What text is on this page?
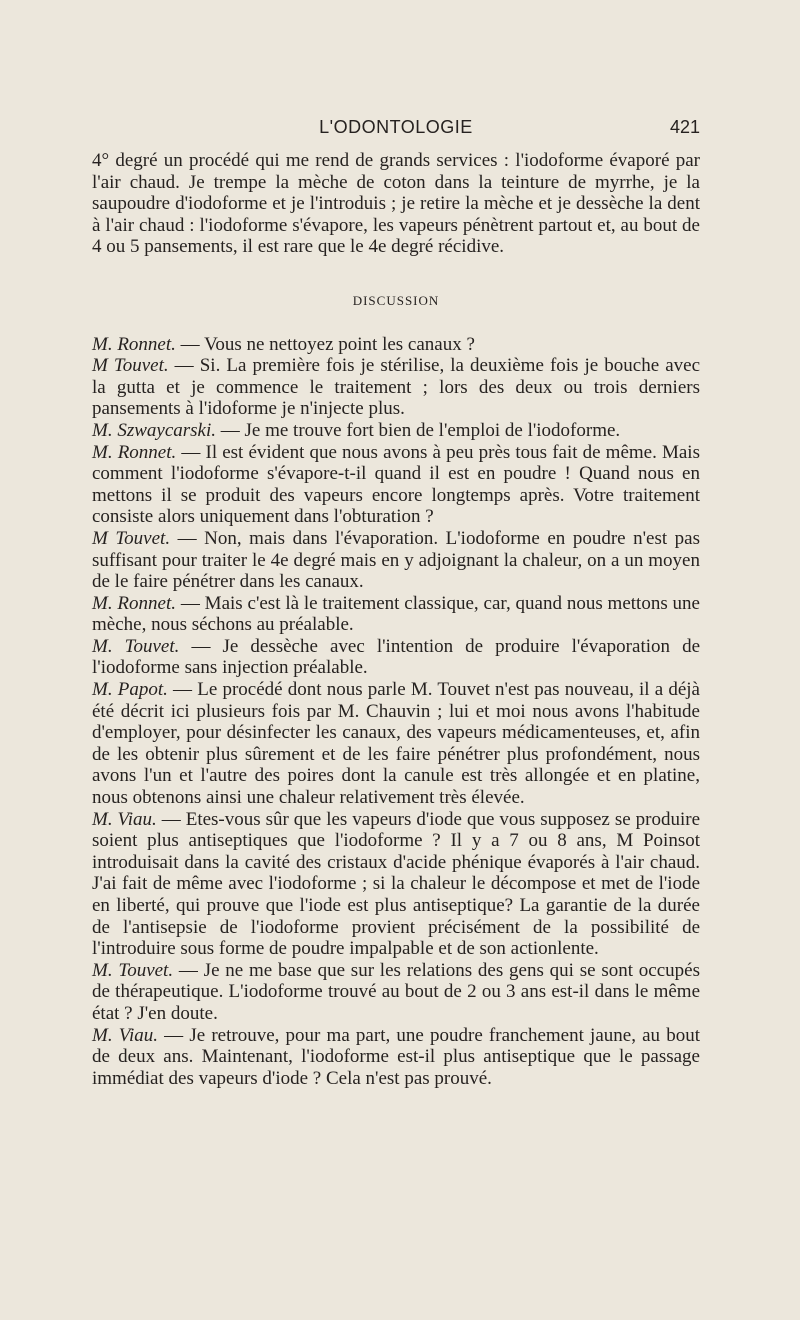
L'ODONTOLOGIE	421

4° degré un procédé qui me rend de grands services : l'iodoforme évaporé par l'air chaud. Je trempe la mèche de coton dans la teinture de myrrhe, je la saupoudre d'iodoforme et je l'introduis ; je retire la mèche et je dessèche la dent à l'air chaud : l'iodoforme s'évapore, les vapeurs pénètrent partout et, au bout de 4 ou 5 pansements, il est rare que le 4e degré récidive.

DISCUSSION

M. Ronnet. — Vous ne nettoyez point les canaux ?

M Touvet. — Si. La première fois je stérilise, la deuxième fois je bouche avec la gutta et je commence le traitement ; lors des deux ou trois derniers pansements à l'idoforme je n'injecte plus.

M. Szwaycarski. — Je me trouve fort bien de l'emploi de l'iodoforme.

M. Ronnet. — Il est évident que nous avons à peu près tous fait de même. Mais comment l'iodoforme s'évapore-t-il quand il est en poudre ! Quand nous en mettons il se produit des vapeurs encore longtemps après. Votre traitement consiste alors uniquement dans l'obturation ?

M Touvet. — Non, mais dans l'évaporation. L'iodoforme en poudre n'est pas suffisant pour traiter le 4e degré mais en y adjoignant la chaleur, on a un moyen de le faire pénétrer dans les canaux.

M. Ronnet. — Mais c'est là le traitement classique, car, quand nous mettons une mèche, nous séchons au préalable.

M. Touvet. — Je dessèche avec l'intention de produire l'évaporation de l'iodoforme sans injection préalable.

M. Papot. — Le procédé dont nous parle M. Touvet n'est pas nouveau, il a déjà été décrit ici plusieurs fois par M. Chauvin ; lui et moi nous avons l'habitude d'employer, pour désinfecter les canaux, des vapeurs médicamenteuses, et, afin de les obtenir plus sûrement et de les faire pénétrer plus profondément, nous avons l'un et l'autre des poires dont la canule est très allongée et en platine, nous obtenons ainsi une chaleur relativement très élevée.

M. Viau. — Etes-vous sûr que les vapeurs d'iode que vous supposez se produire soient plus antiseptiques que l'iodoforme ? Il y a 7 ou 8 ans, M Poinsot introduisait dans la cavité des cristaux d'acide phénique évaporés à l'air chaud. J'ai fait de même avec l'iodoforme ; si la chaleur le décompose et met de l'iode en liberté, qui prouve que l'iode est plus antiseptique? La garantie de la durée de l'antisepsie de l'iodoforme provient précisément de la possibilité de l'introduire sous forme de poudre impalpable et de son actionlente.

M. Touvet. — Je ne me base que sur les relations des gens qui se sont occupés de thérapeutique. L'iodoforme trouvé au bout de 2 ou 3 ans est-il dans le même état ? J'en doute.

M. Viau. — Je retrouve, pour ma part, une poudre franchement jaune, au bout de deux ans. Maintenant, l'iodoforme est-il plus antiseptique que le passage immédiat des vapeurs d'iode ? Cela n'est pas prouvé.
